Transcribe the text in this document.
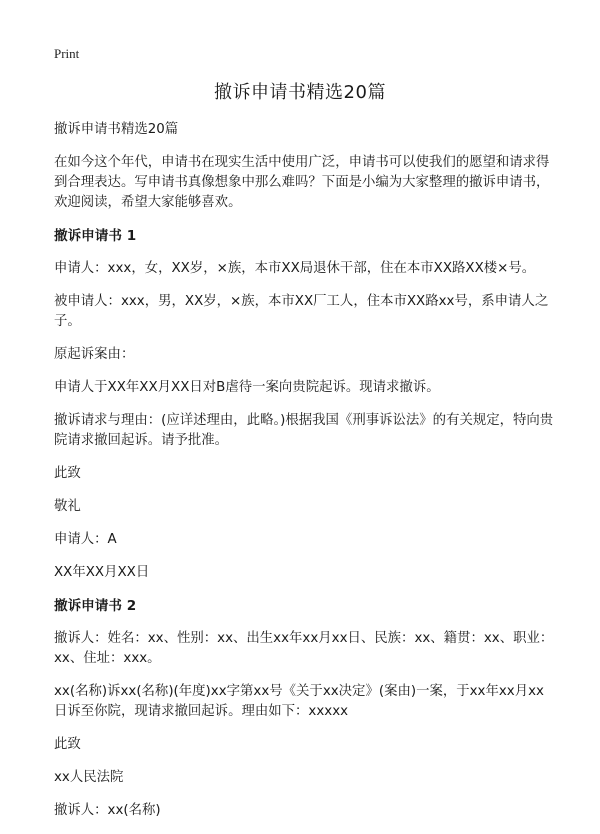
Print
撤诉申请书精选20篇

撤诉申请书精选20篇

在如今这个年代，申请书在现实生活中使用广泛，申请书可以使我们的愿望和请求得到合理表达。写申请书真像想象中那么难吗？下面是小编为大家整理的撤诉申请书，欢迎阅读，希望大家能够喜欢。

撤诉申请书 1

申请人：xxx，女，XX岁，×族，本市XX局退休干部，住在本市XX路XX楼×号。

被申请人：xxx，男，XX岁，×族，本市XX厂工人，住本市XX路xx号，系申请人之子。

原起诉案由：

申请人于XX年XX月XX日对B虐待一案向贵院起诉。现请求撤诉。

撤诉请求与理由：(应详述理由，此略。)根据我国《刑事诉讼法》的有关规定，特向贵院请求撤回起诉。请予批准。

此致

敬礼

申请人：A

XX年XX月XX日

撤诉申请书 2

撤诉人：姓名：xx、性别：xx、出生xx年xx月xx日、民族：xx、籍贯：xx、职业：xx、住址：xxx。

xx(名称)诉xx(名称)(年度)xx字第xx号《关于xx决定》(案由)一案，于xx年xx月xx日诉至你院，现请求撤回起诉。理由如下：xxxxx

此致

xx人民法院

撤诉人：xx(名称)
